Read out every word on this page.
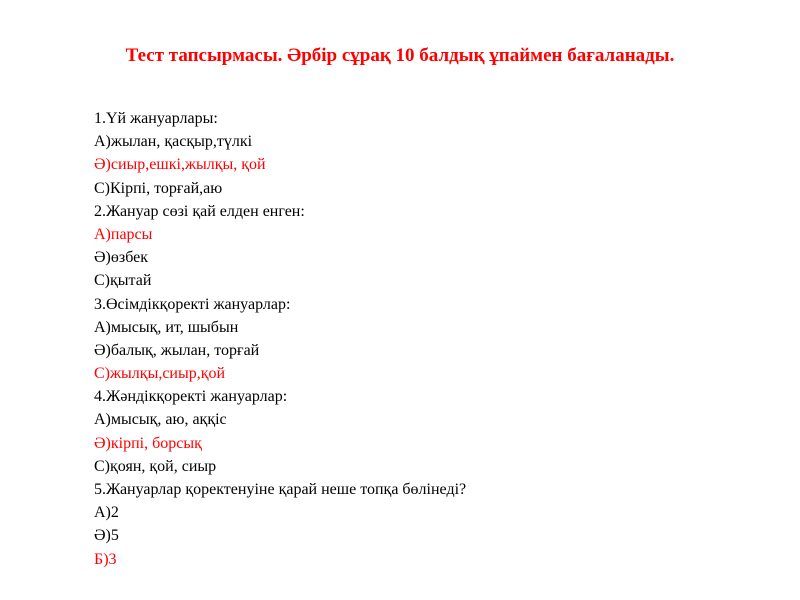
Тест тапсырмасы. Әрбір сұрақ 10 балдық ұпаймен бағаланады.
1.Үй жануарлары:
А)жылан, қасқыр,түлкі
Ә)сиыр,ешкі,жылқы, қой
С)Кірпі, торғай,аю
2.Жануар сөзі қай елден енген:
А)парсы
Ә)өзбек
С)қытай
3.Өсімдікқоректі жануарлар:
А)мысық, ит, шыбын
Ә)балық, жылан, торғай
С)жылқы,сиыр,қой
4.Жәндікқоректі жануарлар:
А)мысық, аю, аққіс
Ә)кірпі, борсық
С)қоян, қой, сиыр
5.Жануарлар қоректенуіне қарай неше топқа бөлінеді?
А)2
Ә)5
Б)3
